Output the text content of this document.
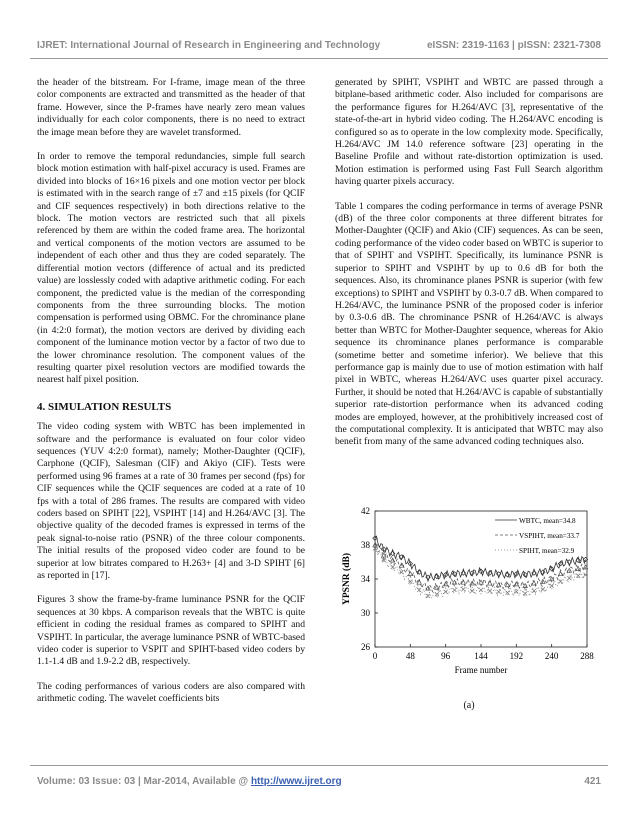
IJRET: International Journal of Research in Engineering and Technology	eISSN: 2319-1163 | pISSN: 2321-7308

the header of the bitstream. For I-frame, image mean of the three color components are extracted and transmitted as the header of that frame. However, since the P-frames have nearly zero mean values individually for each color components, there is no need to extract the image mean before they are wavelet transformed.

In order to remove the temporal redundancies, simple full search block motion estimation with half-pixel accuracy is used. Frames are divided into blocks of 16×16 pixels and one motion vector per block is estimated with in the search range of ±7 and ±15 pixels (for QCIF and CIF sequences respectively) in both directions relative to the block. The motion vectors are restricted such that all pixels referenced by them are within the coded frame area. The horizontal and vertical components of the motion vectors are assumed to be independent of each other and thus they are coded separately. The differential motion vectors (difference of actual and its predicted value) are losslessly coded with adaptive arithmetic coding. For each component, the predicted value is the median of the corresponding components from the three surrounding blocks. The motion compensation is performed using OBMC. For the chrominance plane (in 4:2:0 format), the motion vectors are derived by dividing each component of the luminance motion vector by a factor of two due to the lower chrominance resolution. The component values of the resulting quarter pixel resolution vectors are modified towards the nearest half pixel position.

4. SIMULATION RESULTS

The video coding system with WBTC has been implemented in software and the performance is evaluated on four color video sequences (YUV 4:2:0 format), namely; Mother-Daughter (QCIF), Carphone (QCIF), Salesman (CIF) and Akiyo (CIF). Tests were performed using 96 frames at a rate of 30 frames per second (fps) for CIF sequences while the QCIF sequences are coded at a rate of 10 fps with a total of 286 frames. The results are compared with video coders based on SPIHT [22], VSPIHT [14] and H.264/AVC [3]. The objective quality of the decoded frames is expressed in terms of the peak signal-to-noise ratio (PSNR) of the three colour components. The initial results of the proposed video coder are found to be superior at low bitrates compared to H.263+ [4] and 3-D SPIHT [6] as reported in [17].

Figures 3 show the frame-by-frame luminance PSNR for the QCIF sequences at 30 kbps. A comparison reveals that the WBTC is quite efficient in coding the residual frames as compared to SPIHT and VSPIHT. In particular, the average luminance PSNR of WBTC-based video coder is superior to VSPIT and SPIHT-based video coders by 1.1-1.4 dB and 1.9-2.2 dB, respectively.

The coding performances of various coders are also compared with arithmetic coding. The wavelet coefficients bits

generated by SPIHT, VSPIHT and WBTC are passed through a bitplane-based arithmetic coder. Also included for comparisons are the performance figures for H.264/AVC [3], representative of the state-of-the-art in hybrid video coding. The H.264/AVC encoding is configured so as to operate in the low complexity mode. Specifically, H.264/AVC JM 14.0 reference software [23] operating in the Baseline Profile and without rate-distortion optimization is used. Motion estimation is performed using Fast Full Search algorithm having quarter pixels accuracy.

Table 1 compares the coding performance in terms of average PSNR (dB) of the three color components at three different bitrates for Mother-Daughter (QCIF) and Akio (CIF) sequences. As can be seen, coding performance of the video coder based on WBTC is superior to that of SPIHT and VSPIHT. Specifically, its luminance PSNR is superior to SPIHT and VSPIHT by up to 0.6 dB for both the sequences. Also, its chrominance planes PSNR is superior (with few exceptions) to SPIHT and VSPIHT by 0.3-0.7 dB. When compared to H.264/AVC, the luminance PSNR of the proposed coder is inferior by 0.3-0.6 dB. The chrominance PSNR of H.264/AVC is always better than WBTC for Mother-Daughter sequence, whereas for Akio sequence its chrominance planes performance is comparable (sometime better and sometime inferior). We believe that this performance gap is mainly due to use of motion estimation with half pixel in WBTC, whereas H.264/AVC uses quarter pixel accuracy. Further, it should be noted that H.264/AVC is capable of substantially superior rate-distortion performance when its advanced coding modes are employed, however, at the prohibitively increased cost of the computational complexity. It is anticipated that WBTC may also benefit from many of the same advanced coding techniques also.

26
30
34
38
42
0	48	96	144 192 240 288
Frame number
YPSNR (dB)
WBTC, mean=34.8
VSPIHT, mean=33.7
SPIHT, mean=32.9
(a)
Volume: 03 Issue: 03 | Mar-2014, Available @ http://www.ijret.org	421
